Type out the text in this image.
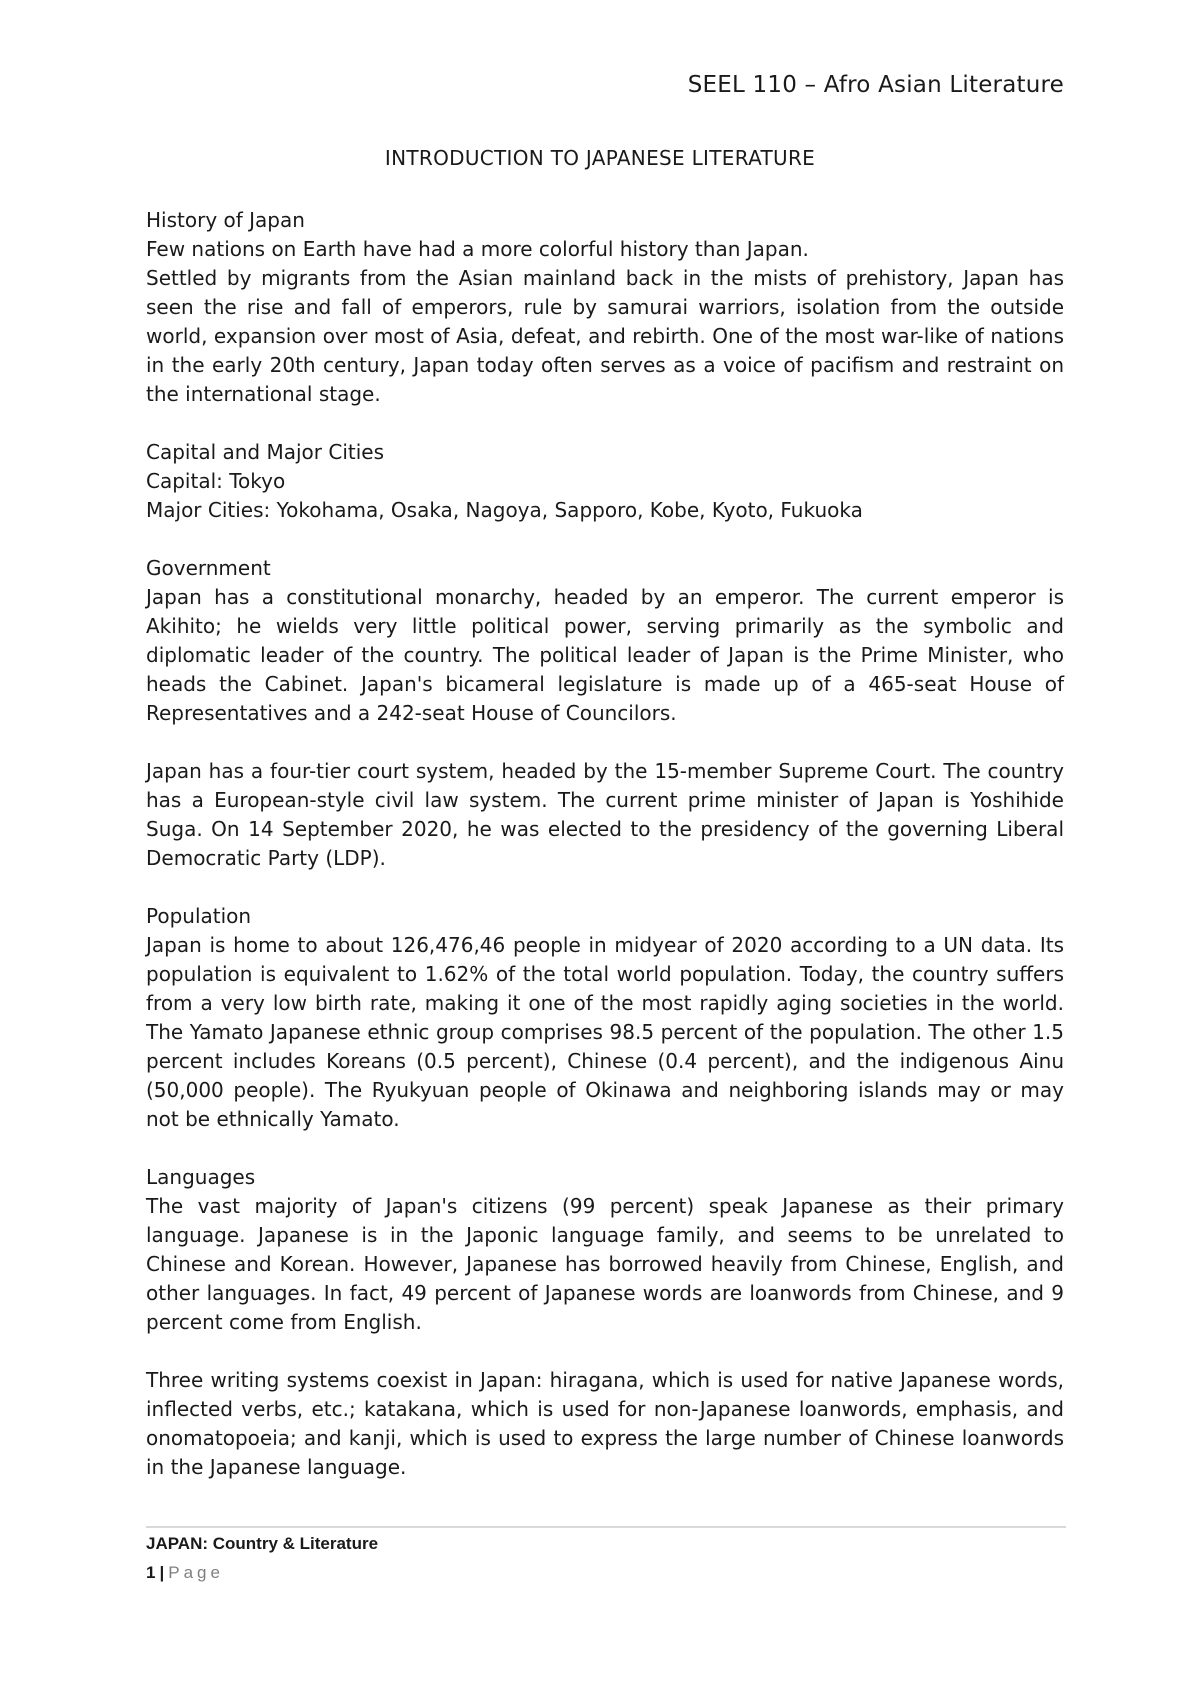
SEEL 110 – Afro Asian Literature
INTRODUCTION TO JAPANESE LITERATURE

History of Japan

Few nations on Earth have had a more colorful history than Japan.

Settled by migrants from the Asian mainland back in the mists of prehistory, Japan has seen the rise and fall of emperors, rule by samurai warriors, isolation from the outside world, expansion over most of Asia, defeat, and rebirth. One of the most war-like of nations in the early 20th century, Japan today often serves as a voice of pacifism and restraint on the international stage.

Capital and Major Cities

Capital: Tokyo

Major Cities: Yokohama, Osaka, Nagoya, Sapporo, Kobe, Kyoto, Fukuoka

Government

Japan has a constitutional monarchy, headed by an emperor. The current emperor is Akihito; he wields very little political power, serving primarily as the symbolic and diplomatic leader of the country. The political leader of Japan is the Prime Minister, who heads the Cabinet. Japan's bicameral legislature is made up of a 465-seat House of Representatives and a 242-seat House of Councilors.

Japan has a four-tier court system, headed by the 15-member Supreme Court. The country has a European-style civil law system. The current prime minister of Japan is Yoshihide Suga. On 14 September 2020, he was elected to the presidency of the governing Liberal Democratic Party (LDP).

Population

Japan is home to about 126,476,46 people in midyear of 2020 according to a UN data. Its population is equivalent to 1.62% of the total world population. Today, the country suffers from a very low birth rate, making it one of the most rapidly aging societies in the world. The Yamato Japanese ethnic group comprises 98.5 percent of the population. The other 1.5 percent includes Koreans (0.5 percent), Chinese (0.4 percent), and the indigenous Ainu (50,000 people). The Ryukyuan people of Okinawa and neighboring islands may or may not be ethnically Yamato.

Languages

The vast majority of Japan's citizens (99 percent) speak Japanese as their primary language. Japanese is in the Japonic language family, and seems to be unrelated to Chinese and Korean. However, Japanese has borrowed heavily from Chinese, English, and other languages. In fact, 49 percent of Japanese words are loanwords from Chinese, and 9 percent come from English.

Three writing systems coexist in Japan: hiragana, which is used for native Japanese words, inflected verbs, etc.; katakana, which is used for non-Japanese loanwords, emphasis, and onomatopoeia; and kanji, which is used to express the large number of Chinese loanwords in the Japanese language.

JAPAN: Country & Literature
1 | Page
